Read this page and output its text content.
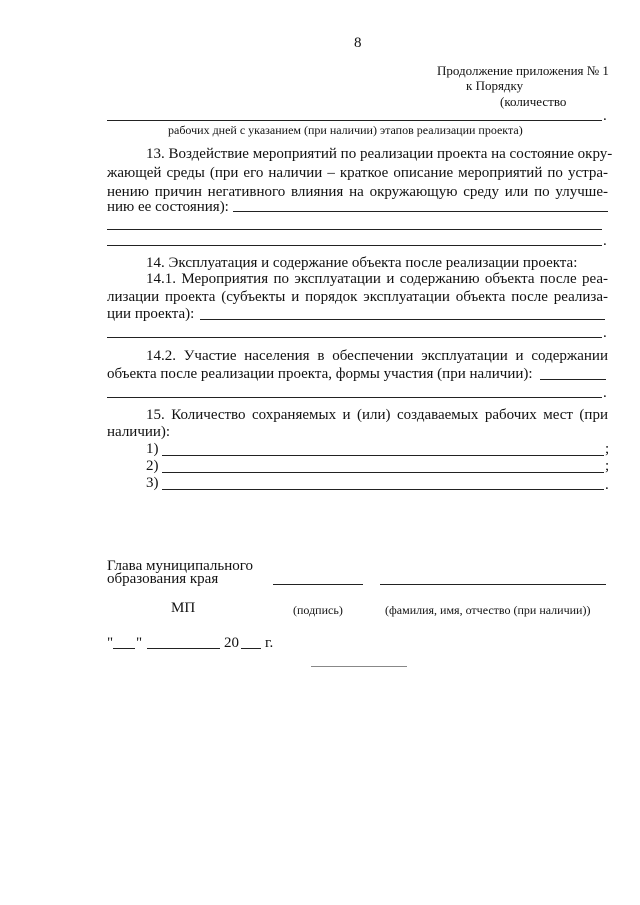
8
Продолжение приложения № 1
к Порядку
(количество
.
рабочих дней с указанием (при наличии) этапов реализации проекта)
13. Воздействие мероприятий по реализации проекта на состояние окру-
жающей среды (при его наличии – краткое описание мероприятий по устра-
нению причин негативного влияния на окружающую среду или по улучше-
нию ее состояния):
.
14. Эксплуатация и содержание объекта после реализации проекта:
14.1. Мероприятия по эксплуатации и содержанию объекта после реа-
лизации проекта (субъекты и порядок эксплуатации объекта после реализа-
ции проекта):
.
14.2. Участие населения в обеспечении эксплуатации и содержании
объекта после реализации проекта, формы участия (при наличии):
.
15. Количество сохраняемых и (или) создаваемых рабочих мест (при
наличии):
1)	;
2)	;
3)	.
Глава муниципального
образования края
МП	(подпись)	(фамилия, имя, отчество (при наличии))
" "	20 г.
